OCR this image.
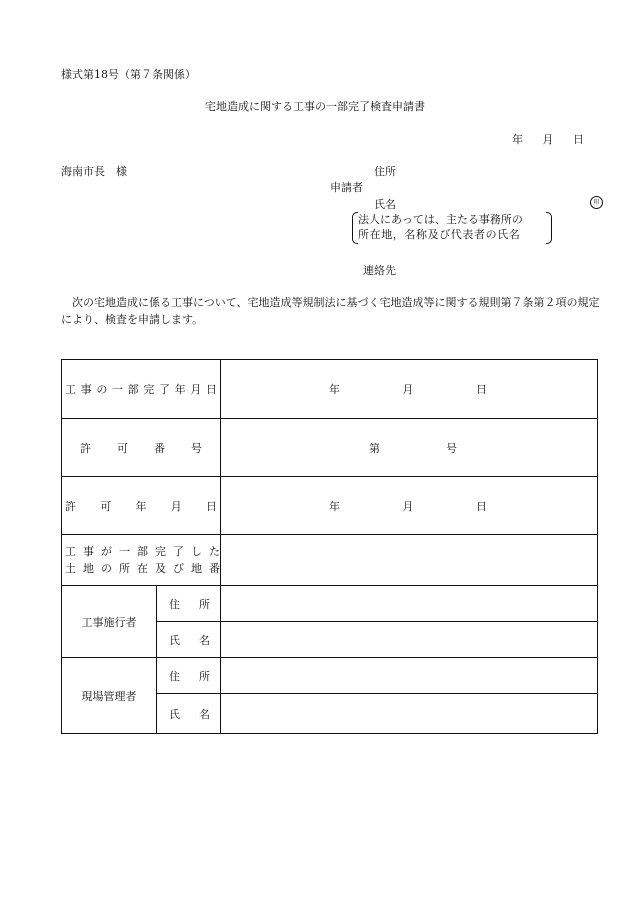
様式第18号（第７条関係）
宅地造成に関する工事の一部完了検査申請書
年 月 日
海南市長　様	住所
申請者
氏名	印
法人にあっては、主たる事務所の
所在地，名称及び代表者の氏名
連絡先
次の宅地造成に係る工事について、宅地造成等規制法に基づく宅地造成等に関する規則第７条第２項の規定により、検査を申請します。
工事の一部完了年月日		年 月 日

許可番号		第 号

許可年月日		年 月 日

工事が一部完了した
土地の所在及び地番		

工事施行者	住所	
	氏名	
現場管理者	住所	
	氏名	
